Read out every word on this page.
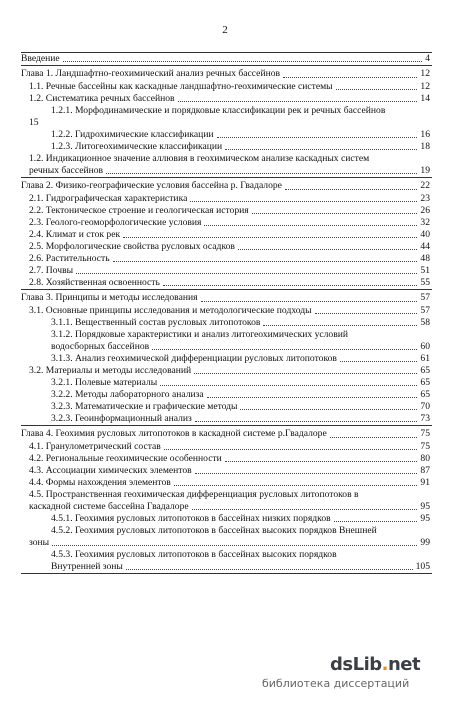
2
Введение	4
Глава 1. Ландшафтно-геохимический анализ речных бассейнов	12
1.1. Речные бассейны как каскадные ландшафтно-геохимические системы	12
1.2. Систематика речных бассейнов	14
1.2.1. Морфодинамические и порядковые классификации рек и речных бассейнов
15
1.2.2. Гидрохимические классификации	16
1.2.3. Литогеохимические классификации	18
1.2. Индикационное значение аллювия в геохимическом анализе каскадных систем
речных бассейнов	19
Глава 2. Физико-географические условия бассейна р. Гвадалоре	22
2.1. Гидрографическая характеристика	23
2.2. Тектоническое строение и геологическая история	26
2.3. Геолого-геоморфологические условия	32
2.4. Климат и сток рек	40
2.5. Морфологические свойства русловых осадков	44
2.6. Растительность	48
2.7. Почвы	51
2.8. Хозяйственная освоенность	55
Глава 3. Принципы и методы исследования	57
3.1. Основные принципы исследования и методологические подходы	57
3.1.1. Вещественный состав русловых литопотоков	58
3.1.2. Порядковые характеристики и анализ литогеохимических условий
водосборных бассейнов	60
3.1.3. Анализ геохимической дифференциации русловых литопотоков	61
3.2. Материалы и методы исследований	65
3.2.1. Полевые материалы	65
3.2.2. Методы лабораторного анализа	65
3.2.3. Математические и графические методы	70
3.2.3. Геоинформационный анализ	73
Глава 4. Геохимия русловых литопотоков в каскадной системе р.Гвадалоре	75
4.1. Гранулометрический состав	75
4.2. Региональные геохимические особенности	80
4.3. Ассоциации химических элементов	87
4.4. Формы нахождения элементов	91
4.5. Пространственная геохимическая дифференциация русловых литопотоков в
каскадной системе бассейна Гвадалоре	95
4.5.1. Геохимия русловых литопотоков в бассейнах низких порядков	95
4.5.2. Геохимия русловых литопотоков в бассейнах высоких порядков Внешней
зоны	99
4.5.3. Геохимия русловых литопотоков в бассейнах высоких порядков
Внутренней зоны	105
dsLib.net
библиотека диссертаций
